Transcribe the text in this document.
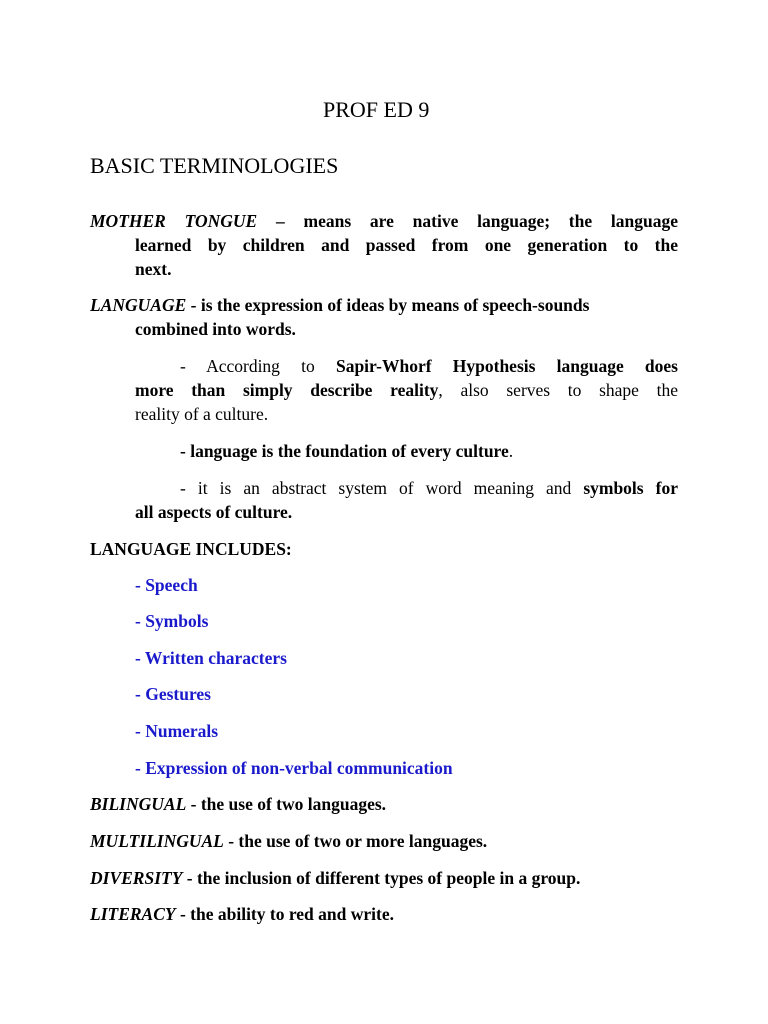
PROF ED 9
BASIC TERMINOLOGIES
MOTHER TONGUE – means are native language; the language
learned by children and passed from one generation to the
next.
LANGUAGE - is the expression of ideas by means of speech-sounds
combined into words.
- According to Sapir-Whorf Hypothesis language does
more than simply describe reality, also serves to shape the
reality of a culture.
- language is the foundation of every culture.
- it is an abstract system of word meaning and symbols for
all aspects of culture.
LANGUAGE INCLUDES:
- Speech
- Symbols
- Written characters
- Gestures
- Numerals
- Expression of non-verbal communication
BILINGUAL - the use of two languages.
MULTILINGUAL - the use of two or more languages.
DIVERSITY - the inclusion of different types of people in a group.
LITERACY - the ability to red and write.
